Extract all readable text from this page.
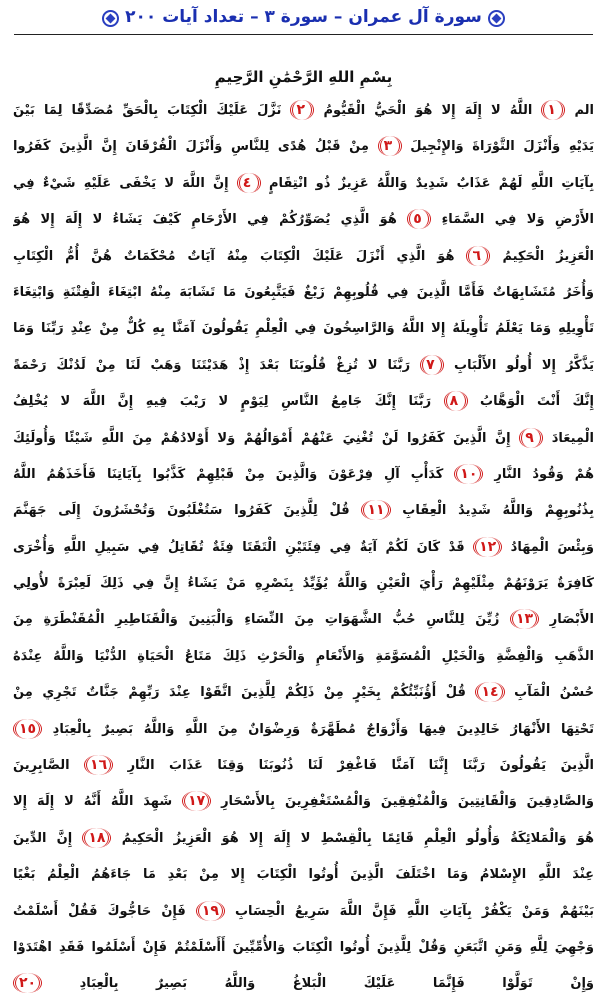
سورة آل عمران – سورة ٣ – تعداد آيات ٢٠٠
بِسْمِ اللهِ الرَّحْمَٰنِ الرَّحِيمِ
الم ١ اللَّهُ لا إِلَهَ إِلا هُوَ الْحَيُّ الْقَيُّومُ ٢ نَزَّلَ عَلَيْكَ الْكِتَابَ بِالْحَقِّ مُصَدِّقًا لِمَا بَيْنَ
يَدَيْهِ وَأَنْزَلَ التَّوْرَاةَ وَالإِنْجِيلَ ٣ مِنْ قَبْلُ هُدًى لِلنَّاسِ وَأَنْزَلَ الْفُرْقَانَ إِنَّ الَّذِينَ كَفَرُوا
بِآيَاتِ اللَّهِ لَهُمْ عَذَابٌ شَدِيدٌ وَاللَّهُ عَزِيزٌ ذُو انْتِقَامٍ ٤ إِنَّ اللَّهَ لا يَخْفَى عَلَيْهِ شَيْءٌ فِي
الأَرْضِ وَلا فِي السَّمَاءِ ٥ هُوَ الَّذِي يُصَوِّرُكُمْ فِي الأَرْحَامِ كَيْفَ يَشَاءُ لا إِلَهَ إِلا هُوَ
الْعَزِيزُ الْحَكِيمُ ٦ هُوَ الَّذِي أَنْزَلَ عَلَيْكَ الْكِتَابَ مِنْهُ آيَاتٌ مُحْكَمَاتٌ هُنَّ أُمُّ الْكِتَابِ
وَأُخَرُ مُتَشَابِهَاتٌ فَأَمَّا الَّذِينَ فِي قُلُوبِهِمْ زَيْغٌ فَيَتَّبِعُونَ مَا تَشَابَهَ مِنْهُ ابْتِغَاءَ الْفِتْنَةِ وَابْتِغَاءَ
تَأْوِيلِهِ وَمَا يَعْلَمُ تَأْوِيلَهُ إِلا اللَّهُ وَالرَّاسِخُونَ فِي الْعِلْمِ يَقُولُونَ آمَنَّا بِهِ كُلٌّ مِنْ عِنْدِ رَبِّنَا وَمَا
يَذَّكَّرُ إِلا أُولُو الأَلْبَابِ ٧ رَبَّنَا لا تُزِغْ قُلُوبَنَا بَعْدَ إِذْ هَدَيْتَنَا وَهَبْ لَنَا مِنْ لَدُنْكَ رَحْمَةً
إِنَّكَ أَنْتَ الْوَهَّابُ ٨ رَبَّنَا إِنَّكَ جَامِعُ النَّاسِ لِيَوْمٍ لا رَيْبَ فِيهِ إِنَّ اللَّهَ لا يُخْلِفُ
الْمِيعَادَ ٩ إِنَّ الَّذِينَ كَفَرُوا لَنْ تُغْنِيَ عَنْهُمْ أَمْوَالُهُمْ وَلا أَوْلادُهُمْ مِنَ اللَّهِ شَيْئًا وَأُولَئِكَ
هُمْ وَقُودُ النَّارِ ١٠ كَدَأْبِ آلِ فِرْعَوْنَ وَالَّذِينَ مِنْ قَبْلِهِمْ كَذَّبُوا بِآيَاتِنَا فَأَخَذَهُمُ اللَّهُ
بِذُنُوبِهِمْ وَاللَّهُ شَدِيدُ الْعِقَابِ ١١ قُلْ لِلَّذِينَ كَفَرُوا سَتُغْلَبُونَ وَتُحْشَرُونَ إِلَى جَهَنَّمَ
وَبِئْسَ الْمِهَادُ ١٢ قَدْ كَانَ لَكُمْ آيَةٌ فِي فِئَتَيْنِ الْتَقَتَا فِئَةٌ تُقَاتِلُ فِي سَبِيلِ اللَّهِ وَأُخْرَى
كَافِرَةٌ يَرَوْنَهُمْ مِثْلَيْهِمْ رَأْيَ الْعَيْنِ وَاللَّهُ يُؤَيِّدُ بِنَصْرِهِ مَنْ يَشَاءُ إِنَّ فِي ذَلِكَ لَعِبْرَةً لأُولِي
الأَبْصَارِ ١٣ زُيِّنَ لِلنَّاسِ حُبُّ الشَّهَوَاتِ مِنَ النِّسَاءِ وَالْبَنِينَ وَالْقَنَاطِيرِ الْمُقَنْطَرَةِ مِنَ
الذَّهَبِ وَالْفِضَّةِ وَالْخَيْلِ الْمُسَوَّمَةِ وَالأَنْعَامِ وَالْحَرْثِ ذَلِكَ مَتَاعُ الْحَيَاةِ الدُّنْيَا وَاللَّهُ عِنْدَهُ
حُسْنُ الْمَآبِ ١٤ قُلْ أَؤُنَبِّئُكُمْ بِخَيْرٍ مِنْ ذَلِكُمْ لِلَّذِينَ اتَّقَوْا عِنْدَ رَبِّهِمْ جَنَّاتٌ تَجْرِي مِنْ
تَحْتِهَا الأَنْهَارُ خَالِدِينَ فِيهَا وَأَزْوَاجٌ مُطَهَّرَةٌ وَرِضْوَانٌ مِنَ اللَّهِ وَاللَّهُ بَصِيرٌ بِالْعِبَادِ ١٥
الَّذِينَ يَقُولُونَ رَبَّنَا إِنَّنَا آمَنَّا فَاغْفِرْ لَنَا ذُنُوبَنَا وَقِنَا عَذَابَ النَّارِ ١٦ الصَّابِرِينَ
وَالصَّادِقِينَ وَالْقَانِتِينَ وَالْمُنْفِقِينَ وَالْمُسْتَغْفِرِينَ بِالأَسْحَارِ ١٧ شَهِدَ اللَّهُ أَنَّهُ لا إِلَهَ إِلا
هُوَ وَالْمَلائِكَةُ وَأُولُو الْعِلْمِ قَائِمًا بِالْقِسْطِ لا إِلَهَ إِلا هُوَ الْعَزِيزُ الْحَكِيمُ ١٨ إِنَّ الدِّينَ
عِنْدَ اللَّهِ الإِسْلامُ وَمَا اخْتَلَفَ الَّذِينَ أُوتُوا الْكِتَابَ إِلا مِنْ بَعْدِ مَا جَاءَهُمُ الْعِلْمُ بَغْيًا
بَيْنَهُمْ وَمَنْ يَكْفُرْ بِآيَاتِ اللَّهِ فَإِنَّ اللَّهَ سَرِيعُ الْحِسَابِ ١٩ فَإِنْ حَاجُّوكَ فَقُلْ أَسْلَمْتُ
وَجْهِيَ لِلَّهِ وَمَنِ اتَّبَعَنِ وَقُلْ لِلَّذِينَ أُوتُوا الْكِتَابَ وَالأُمِّيِّينَ أَأَسْلَمْتُمْ فَإِنْ أَسْلَمُوا فَقَدِ اهْتَدَوْا
وَإِنْ تَوَلَّوْا فَإِنَّمَا عَلَيْكَ الْبَلاغُ وَاللَّهُ بَصِيرٌ بِالْعِبَادِ ٢٠
